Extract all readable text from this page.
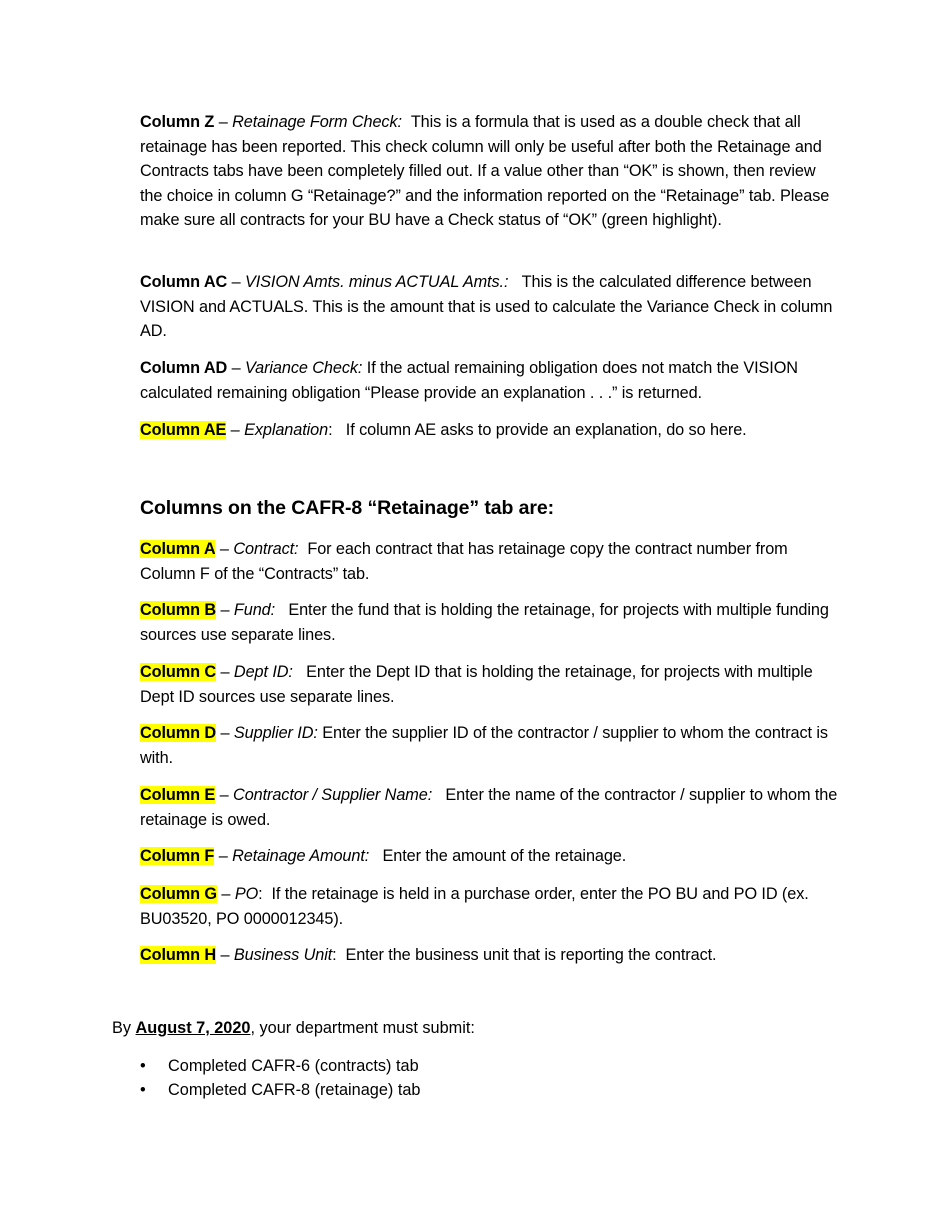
Column Z – Retainage Form Check: This is a formula that is used as a double check that all retainage has been reported. This check column will only be useful after both the Retainage and Contracts tabs have been completely filled out. If a value other than “OK” is shown, then review the choice in column G “Retainage?” and the information reported on the “Retainage” tab. Please make sure all contracts for your BU have a Check status of “OK” (green highlight).

Column AC – VISION Amts. minus ACTUAL Amts.: This is the calculated difference between VISION and ACTUALS. This is the amount that is used to calculate the Variance Check in column AD.

Column AD – Variance Check: If the actual remaining obligation does not match the VISION calculated remaining obligation “Please provide an explanation . . .” is returned.

Column AE – Explanation: If column AE asks to provide an explanation, do so here.

Columns on the CAFR-8 “Retainage” tab are:

Column A – Contract: For each contract that has retainage copy the contract number from Column F of the “Contracts” tab.

Column B – Fund: Enter the fund that is holding the retainage, for projects with multiple funding sources use separate lines.

Column C – Dept ID: Enter the Dept ID that is holding the retainage, for projects with multiple Dept ID sources use separate lines.

Column D – Supplier ID: Enter the supplier ID of the contractor / supplier to whom the contract is with.

Column E – Contractor / Supplier Name: Enter the name of the contractor / supplier to whom the retainage is owed.

Column F – Retainage Amount: Enter the amount of the retainage.

Column G – PO: If the retainage is held in a purchase order, enter the PO BU and PO ID (ex. BU03520, PO 0000012345).

Column H – Business Unit: Enter the business unit that is reporting the contract.

By August 7, 2020, your department must submit:

• Completed CAFR-6 (contracts) tab
• Completed CAFR-8 (retainage) tab
